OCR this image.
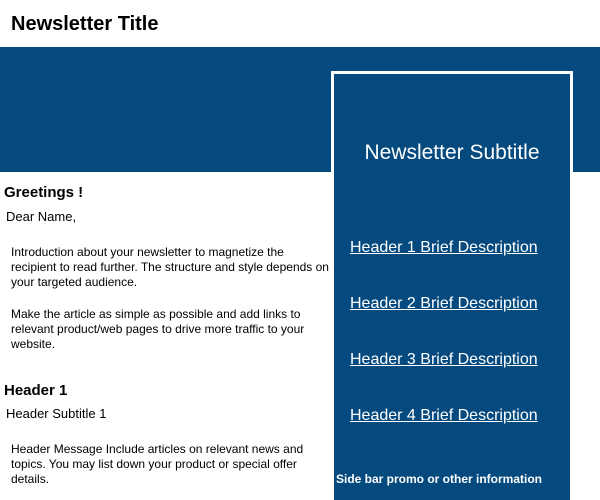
Newsletter Title
Newsletter Subtitle
Header 1 Brief Description
Header 2 Brief Description
Header 3 Brief Description
Header 4 Brief Description
Side bar promo or other information
Greetings !
Dear Name,

Introduction about your newsletter to magnetize the recipient to read further. The structure and style depends on your targeted audience.

Make the article as simple as possible and add links to relevant product/web pages to drive more traffic to your website.

Header 1
Header Subtitle 1

Header Message Include articles on relevant news and topics. You may list down your product or special offer details.
